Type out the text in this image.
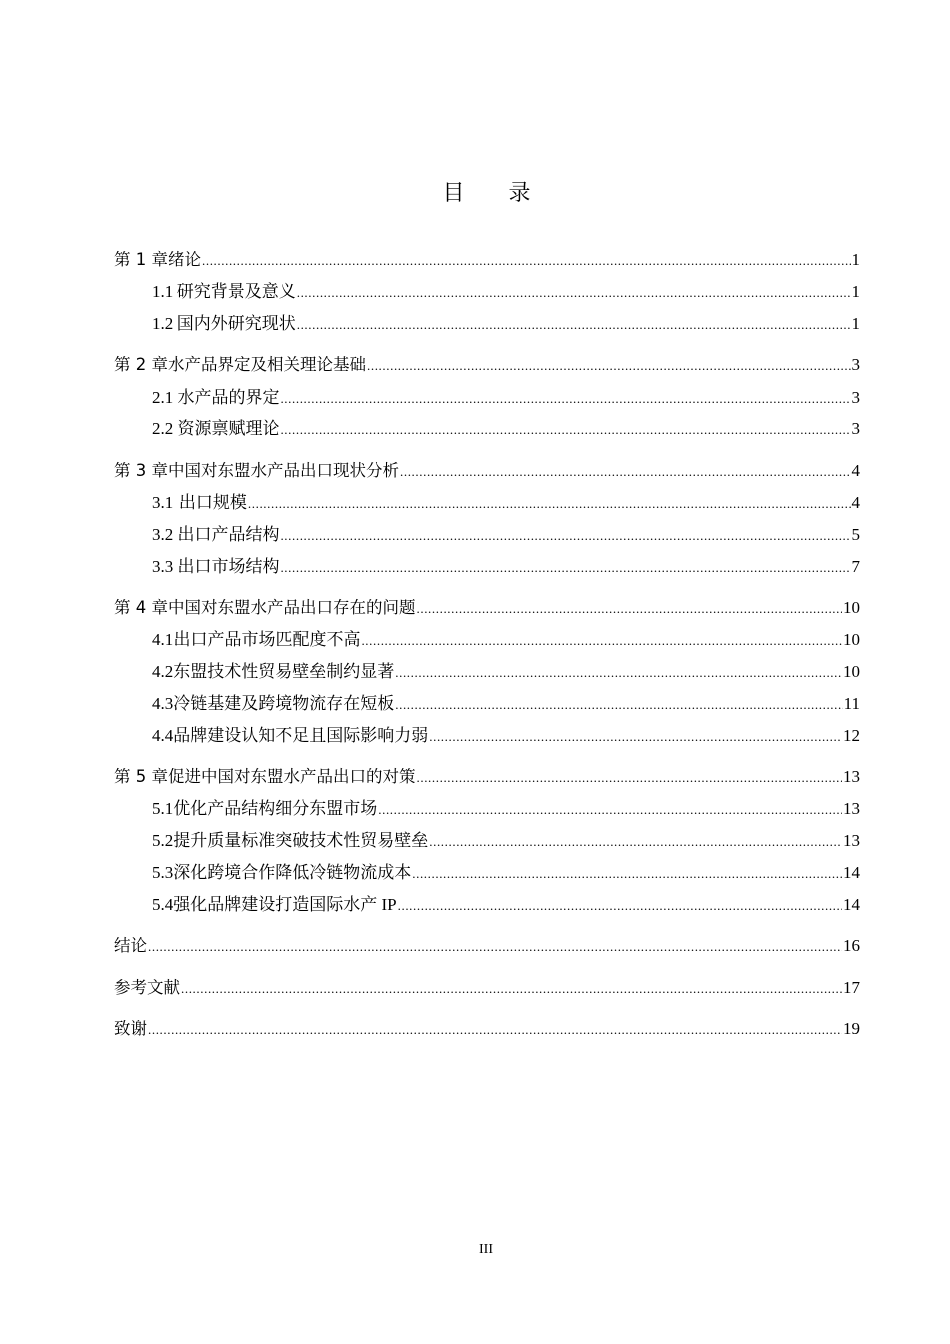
目 录
第 1 章 绪论 .....	1
1.1 研究背景及意义 .....	1
1.2 国内外研究现状 .....	1
第 2 章 水产品界定及相关理论基础 .....	3
2.1 水产品的界定 .....	3
2.2 资源禀赋理论 .....	3
第 3 章 中国对东盟水产品出口现状分析 .....	4
3.1 出口规模 .....	4
3.2 出口产品结构 .....	5
3.3 出口市场结构 .....	7
第 4 章 中国对东盟水产品出口存在的问题 .....	10
4.1 出口产品市场匹配度不高 .....	10
4.2 东盟技术性贸易壁垒制约显著 .....	10
4.3 冷链基建及跨境物流存在短板 .....	11
4.4 品牌建设认知不足且国际影响力弱 .....	12
第 5 章 促进中国对东盟水产品出口的对策 .....	13
5.1 优化产品结构细分东盟市场 .....	13
5.2 提升质量标准突破技术性贸易壁垒 .....	13
5.3 深化跨境合作降低冷链物流成本 .....	14
5.4 强化品牌建设打造国际水产 IP .....	14
结论 .....	16
参考文献 .....	17
致谢 .....	19
III
